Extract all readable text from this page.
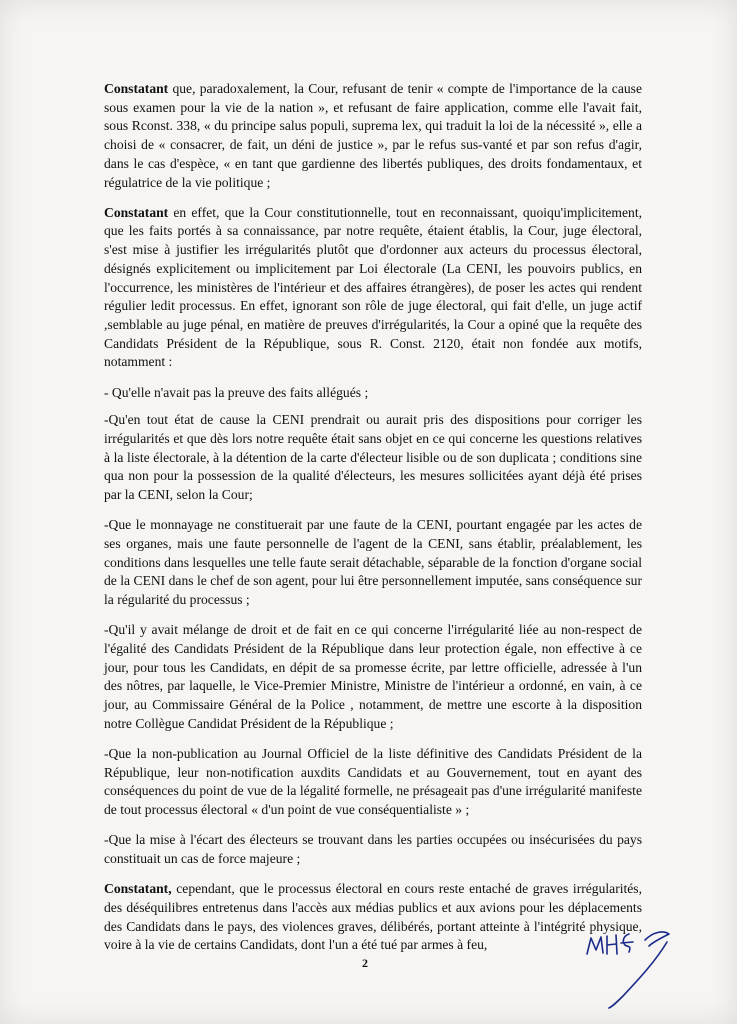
Constatant que, paradoxalement, la Cour, refusant de tenir « compte de l'importance de la cause sous examen pour la vie de la nation », et refusant de faire application, comme elle l'avait fait, sous Rconst. 338, « du principe salus populi, suprema lex, qui traduit la loi de la nécessité », elle a choisi de « consacrer, de fait, un déni de justice », par le refus sus-vanté et par son refus d'agir, dans le cas d'espèce, « en tant que gardienne des libertés publiques, des droits fondamentaux, et régulatrice de la vie politique ;

Constatant en effet, que la Cour constitutionnelle, tout en reconnaissant, quoiqu'implicitement, que les faits portés à sa connaissance, par notre requête, étaient établis, la Cour, juge électoral, s'est mise à justifier les irrégularités plutôt que d'ordonner aux acteurs du processus électoral, désignés explicitement ou implicitement par Loi électorale (La CENI, les pouvoirs publics, en l'occurrence, les ministères de l'intérieur et des affaires étrangères), de poser les actes qui rendent régulier ledit processus. En effet, ignorant son rôle de juge électoral, qui fait d'elle, un juge actif ,semblable au juge pénal, en matière de preuves d'irrégularités, la Cour a opiné que la requête des Candidats Président de la République, sous R. Const. 2120, était non fondée aux motifs, notamment :

- Qu'elle n'avait pas la preuve des faits allégués ;

-Qu'en tout état de cause la CENI prendrait ou aurait pris des dispositions pour corriger les irrégularités et que dès lors notre requête était sans objet en ce qui concerne les questions relatives à la liste électorale, à la détention de la carte d'électeur lisible ou de son duplicata ; conditions sine qua non pour la possession de la qualité d'électeurs, les mesures sollicitées ayant déjà été prises par la CENI, selon la Cour;

-Que le monnayage ne constituerait par une faute de la CENI, pourtant engagée par les actes de ses organes, mais une faute personnelle de l'agent de la CENI, sans établir, préalablement, les conditions dans lesquelles une telle faute serait détachable, séparable de la fonction d'organe social de la CENI dans le chef de son agent, pour lui être personnellement imputée, sans conséquence sur la régularité du processus ;

-Qu'il y avait mélange de droit et de fait en ce qui concerne l'irrégularité liée au non-respect de l'égalité des Candidats Président de la République dans leur protection égale, non effective à ce jour, pour tous les Candidats, en dépit de sa promesse écrite, par lettre officielle, adressée à l'un des nôtres, par laquelle, le Vice-Premier Ministre, Ministre de l'intérieur a ordonné, en vain, à ce jour, au Commissaire Général de la Police , notamment, de mettre une escorte à la disposition notre Collègue Candidat Président de la République ;

-Que la non-publication au Journal Officiel de la liste définitive des Candidats Président de la République, leur non-notification auxdits Candidats et au Gouvernement, tout en ayant des conséquences du point de vue de la légalité formelle, ne présageait pas d'une irrégularité manifeste de tout processus électoral « d'un point de vue conséquentialiste » ;

-Que la mise à l'écart des électeurs se trouvant dans les parties occupées ou insécurisées du pays constituait un cas de force majeure ;

Constatant, cependant, que le processus électoral en cours reste entaché de graves irrégularités, des déséquilibres entretenus dans l'accès aux médias publics et aux avions pour les déplacements des Candidats dans le pays, des violences graves, délibérés, portant atteinte à l'intégrité physique, voire à la vie de certains Candidats, dont l'un a été tué par armes à feu,

2
